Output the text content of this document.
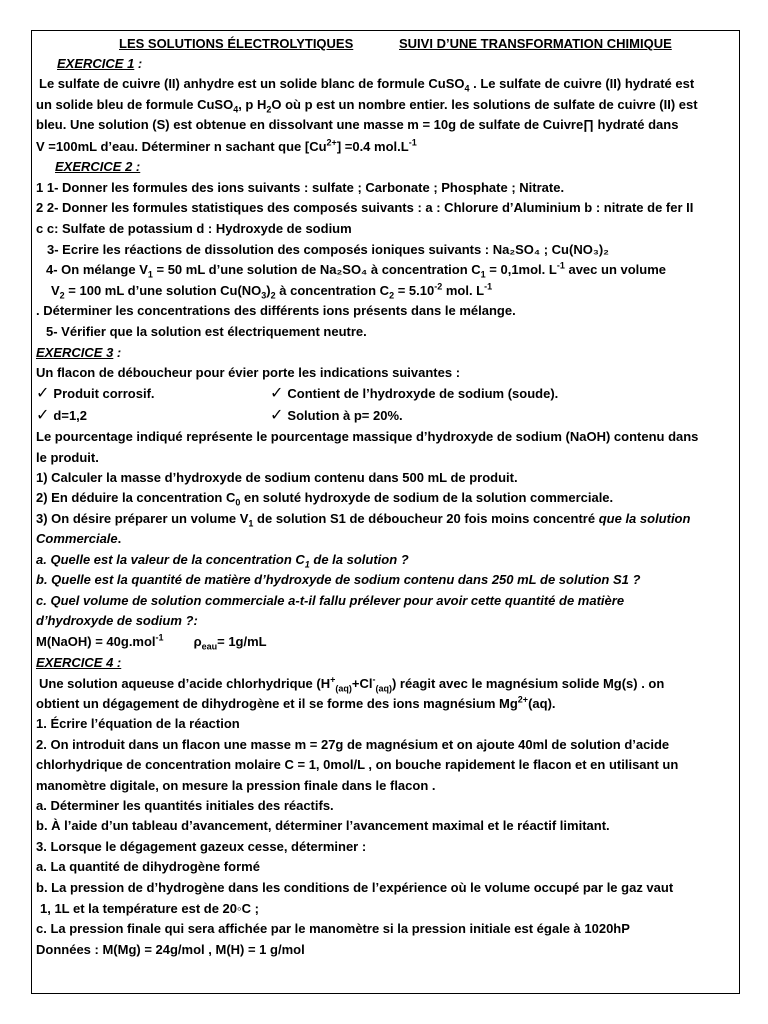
LES SOLUTIONS ÉLECTROLYTIQUES	SUIVI D’UNE TRANSFORMATION CHIMIQUE
EXERCICE 1 :
Le sulfate de cuivre (II) anhydre est un solide blanc de formule CuSO$_4$ . Le sulfate de cuivre (II) hydraté est
un solide bleu de formule CuSO$_4$, p $H_2O$ où p est un nombre entier. les solutions de sulfate de cuivre (II) est
bleu. Une solution (S) est obtenue en dissolvant une masse m = 10g de sulfate de Cuivre∏ hydraté dans
V =100mL d’eau. Déterminer n sachant que $[Cu^{2+}] =0.4$ $mol.L^{-1}$
EXERCICE 2 :
1 1- Donner les formules des ions suivants : sulfate ; Carbonate ; Phosphate ; Nitrate.
2 2- Donner les formules statistiques des composés suivants : a : Chlorure d’Aluminium b : nitrate de fer II
c c: Sulfate de potassium d : Hydroxyde de sodium
3- Ecrire les réactions de dissolution des composés ioniques suivants : Na₂SO₄ ; Cu(NO₃)₂
4- On mélange $V_1 = 50$ mL d’une solution de Na₂SO₄ à concentration $C_1 = 0,1mol$. $L^{-1}$ avec un volume
$V_2 = 100$ mL d’une solution $Cu(NO_3)_2$ à concentration $C_2 = 5.10^{-2}$ mol. $L^{-1}$
. Déterminer les concentrations des différents ions présents dans le mélange.
5- Vérifier que la solution est électriquement neutre.
EXERCICE 3 :
Un flacon de déboucheur pour évier porte les indications suivantes :
✓ Produit corrosif.	✓ Contient de l’hydroxyde de sodium (soude).
✓ d=1,2	✓ Solution à p= 20%.
Le pourcentage indiqué représente le pourcentage massique d’hydroxyde de sodium (NaOH) contenu dans
le produit.
1) Calculer la masse d’hydroxyde de sodium contenu dans 500 mL de produit.
2) En déduire la concentration $C_0$ en soluté hydroxyde de sodium de la solution commerciale.
3) On désire préparer un volume $V_1$ de solution S1 de déboucheur 20 fois moins concentré que la solution
Commerciale.
a. Quelle est la valeur de la concentration $C_1$ de la solution ?
b. Quelle est la quantité de matière d’hydroxyde de sodium contenu dans 250 mL de solution S1 ?
c. Quel volume de solution commerciale a-t-il fallu prélever pour avoir cette quantité de matière
d’hydroxyde de sodium ?:
M(NaOH) = 40g.mol$^{-1}$ $\rho_{eau}= 1g/mL$
EXERCICE 4 :
Une solution aqueuse d’acide chlorhydrique $(H^+_{(aq)}+Cl^-_{(aq)})$ réagit avec le magnésium solide Mg(s) . on
obtient un dégagement de dihydrogène et il se forme des ions magnésium $Mg^{2+}(aq)$.
1. Écrire l’équation de la réaction
2. On introduit dans un flacon une masse m = 27g de magnésium et on ajoute 40ml de solution d’acide
chlorhydrique de concentration molaire C = 1, 0mol/L , on bouche rapidement le flacon et en utilisant un
manomètre digitale, on mesure la pression finale dans le flacon .
a. Déterminer les quantités initiales des réactifs.
b. À l’aide d’un tableau d’avancement, déterminer l’avancement maximal et le réactif limitant.
3. Lorsque le dégagement gazeux cesse, déterminer :
a. La quantité de dihydrogène formé
b. La pression de d’hydrogène dans les conditions de l’expérience où le volume occupé par le gaz vaut
1, 1L et la température est de 20◦C ;
c. La pression finale qui sera affichée par le manomètre si la pression initiale est égale à 1020hP
Données : M(Mg) = 24g/mol , M(H) = 1 g/mol
